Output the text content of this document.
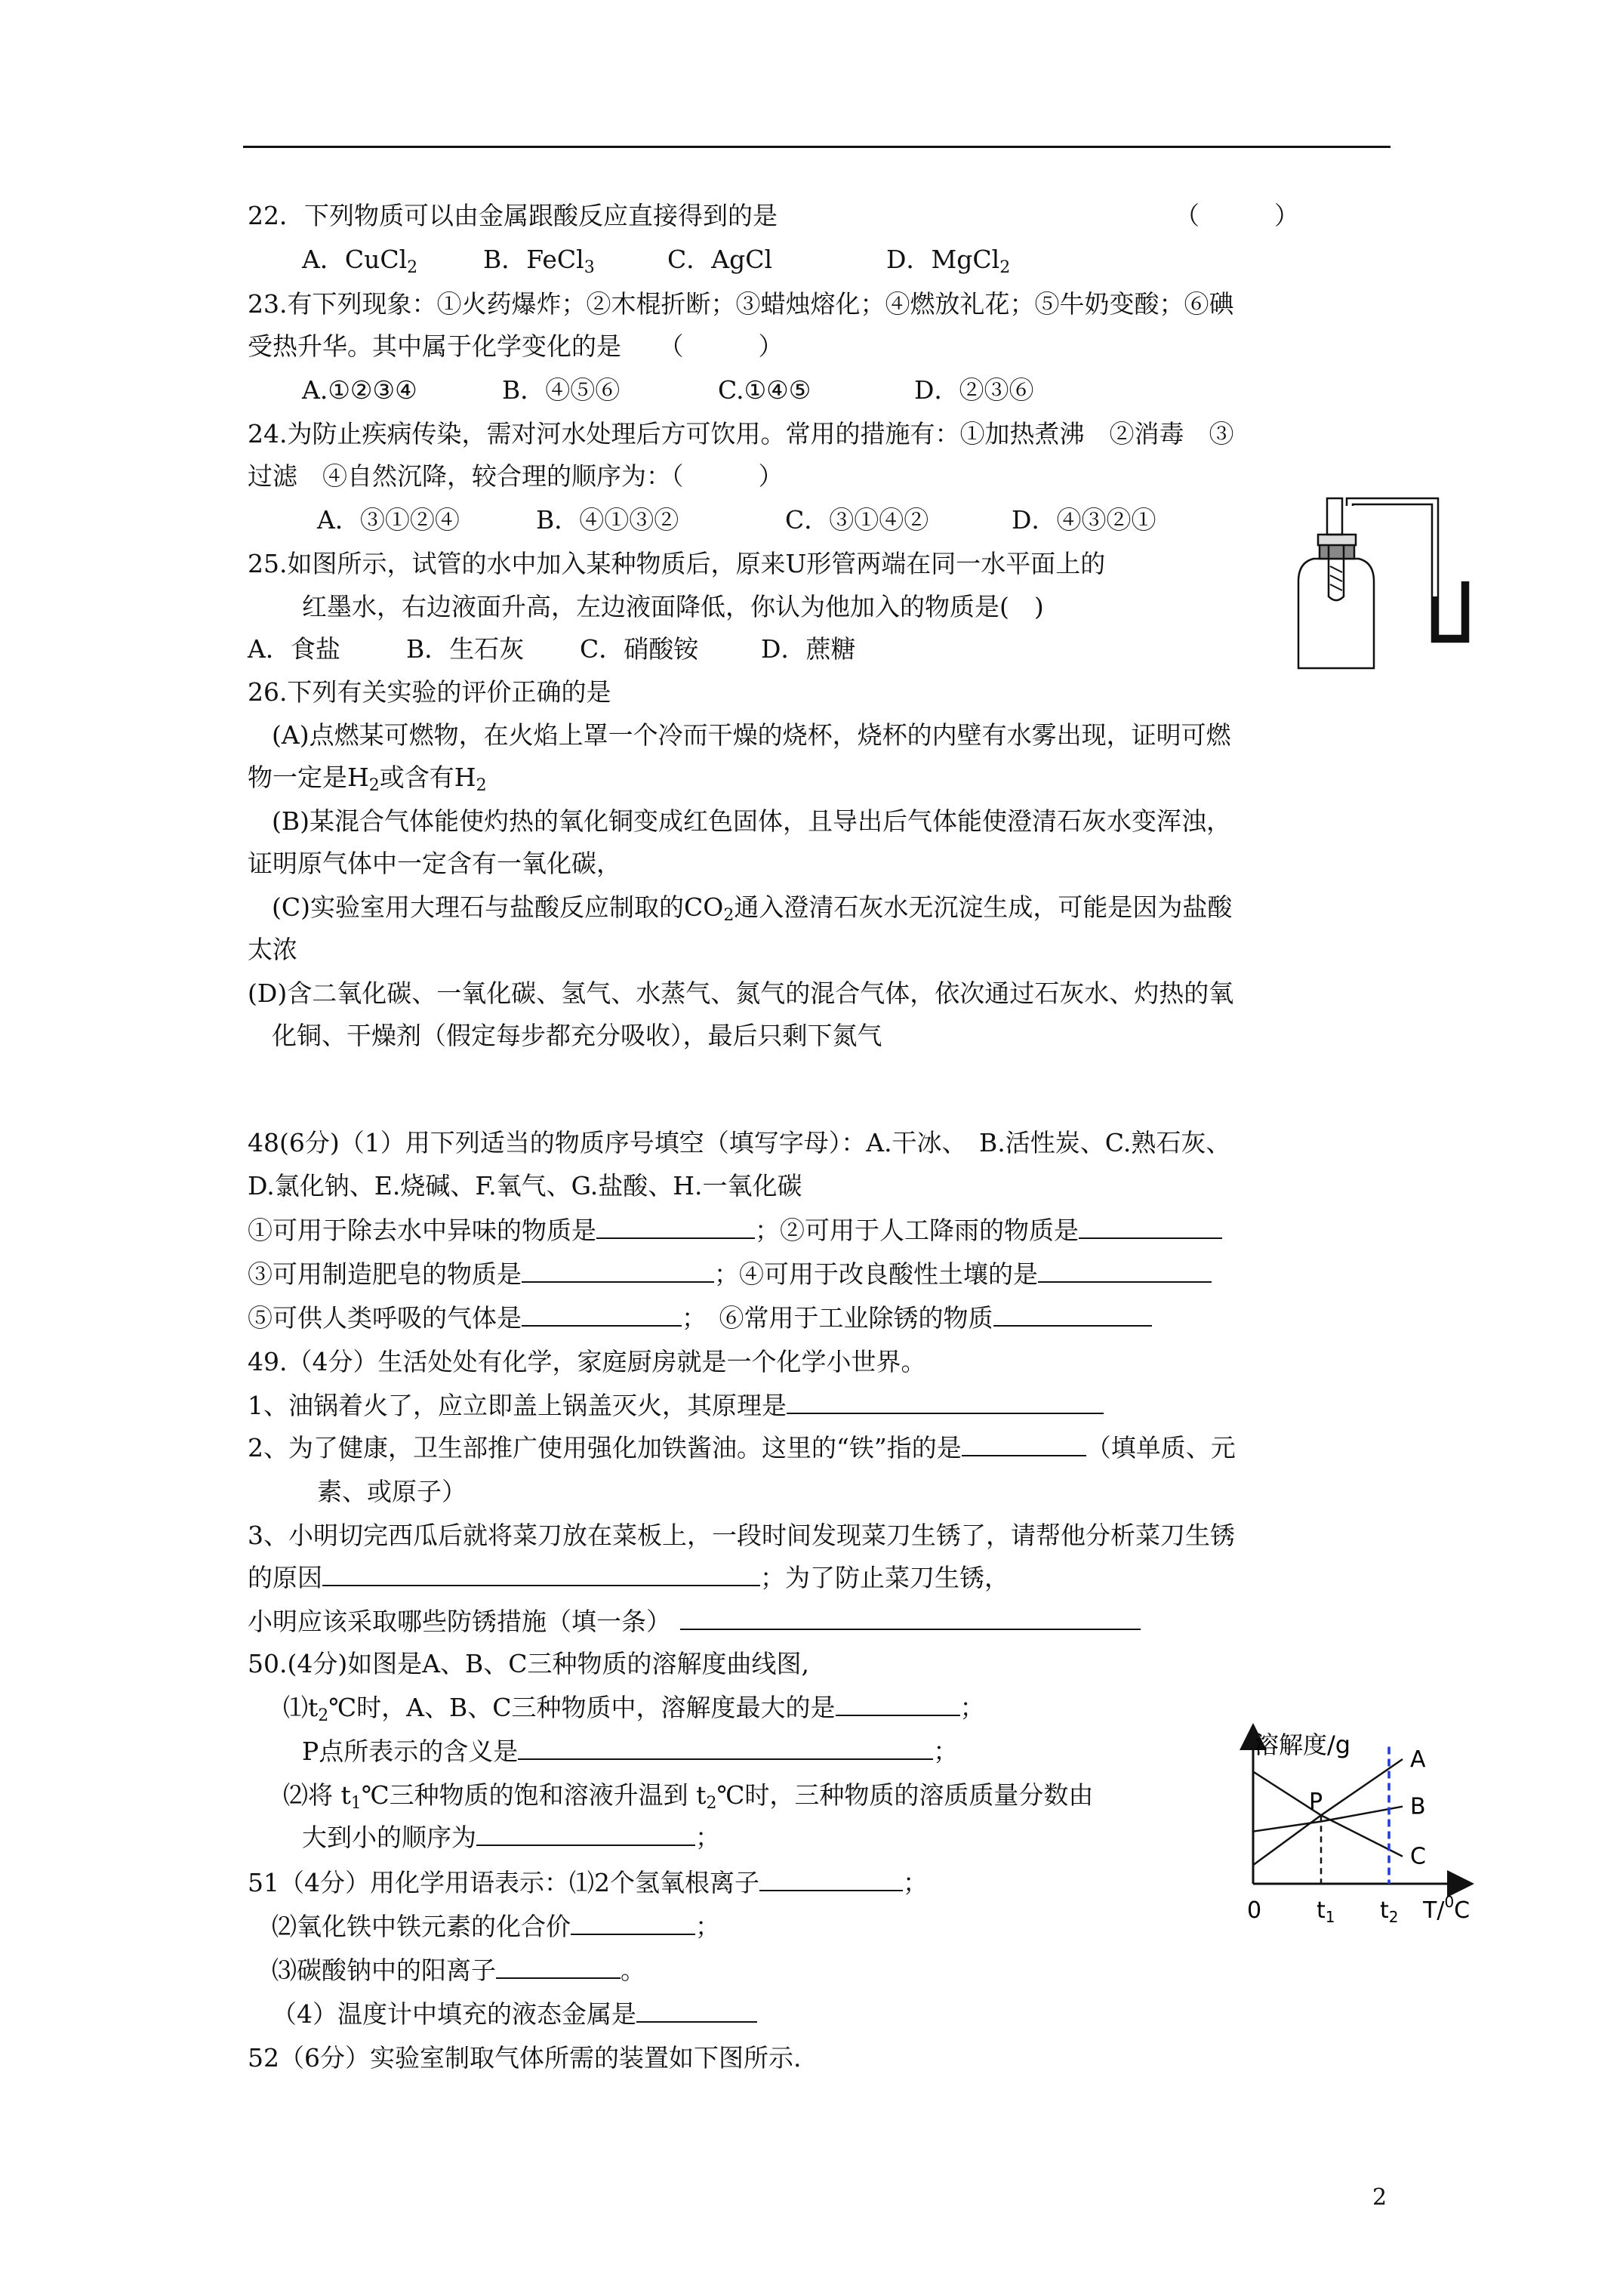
22．下列物质可以由金属跟酸反应直接得到的是	（　　　）
A．CuCl$_2$	B．FeCl$_3$	C．AgCl	D．MgCl$_2$
23.有下列现象：①火药爆炸；②木棍折断；③蜡烛熔化；④燃放礼花；⑤牛奶变酸；⑥碘
受热升华。其中属于化学变化的是　　（　　　）
A.①②③④	B．④⑤⑥	C.①④⑤	D．②③⑥
24.为防止疾病传染，需对河水处理后方可饮用。常用的措施有：①加热煮沸　②消毒　③
过滤　④自然沉降，较合理的顺序为：（　　　）
A．③①②④	B．④①③②	C．③①④②	D．④③②①
25.如图所示，试管的水中加入某种物质后，原来U形管两端在同一水平面上的
红墨水，右边液面升高，左边液面降低，你认为他加入的物质是(　)
A．食盐	B．生石灰 C．硝酸铵	D．蔗糖
26.下列有关实验的评价正确的是
(A)点燃某可燃物，在火焰上罩一个冷而干燥的烧杯，烧杯的内壁有水雾出现，证明可燃
物一定是$H_2$或含有$H_2$
(B)某混合气体能使灼热的氧化铜变成红色固体，且导出后气体能使澄清石灰水变浑浊，
证明原气体中一定含有一氧化碳，
(C)实验室用大理石与盐酸反应制取的$CO_2$通入澄清石灰水无沉淀生成，可能是因为盐酸
太浓
(D)含二氧化碳、一氧化碳、氢气、水蒸气、氮气的混合气体，依次通过石灰水、灼热的氧
化铜、干燥剂（假定每步都充分吸收），最后只剩下氮气
48(6分)（1）用下列适当的物质序号填空（填写字母）：A.干冰、　B.活性炭、C.熟石灰、
D.氯化钠、E.烧碱、F.氧气、G.盐酸、H.一氧化碳
①可用于除去水中异味的物质是	；②可用于人工降雨的物质是
③可用制造肥皂的物质是	；④可用于改良酸性土壤的是
⑤可供人类呼吸的气体是	；　⑥常用于工业除锈的物质
49.（4分）生活处处有化学，家庭厨房就是一个化学小世界。
1、油锅着火了，应立即盖上锅盖灭火，其原理是
2、为了健康，卫生部推广使用强化加铁酱油。这里的“铁”指的是	（填单质、元
素、或原子）
3、小明切完西瓜后就将菜刀放在菜板上，一段时间发现菜刀生锈了，请帮他分析菜刀生锈
的原因	；为了防止菜刀生锈，
小明应该采取哪些防锈措施（填一条）
50.(4分)如图是A、B、C三种物质的溶解度曲线图,
$⑴t_2℃$时，A、B、C三种物质中，溶解度最大的是	；
P点所表示的含义是	；
⑵将 $t_1℃$三种物质的饱和溶液升温到 $t_2℃$时，三种物质的溶质质量分数由
大到小的顺序为	；
溶解度/g
A
B
C
P
0 $t_1$ $t_2$ T/$^0$C
51（4分）用化学用语表示：⑴2个氢氧根离子	；
⑵氧化铁中铁元素的化合价	；
⑶碳酸钠中的阳离子	。
（4）温度计中填充的液态金属是
52（6分）实验室制取气体所需的装置如下图所示.
2
